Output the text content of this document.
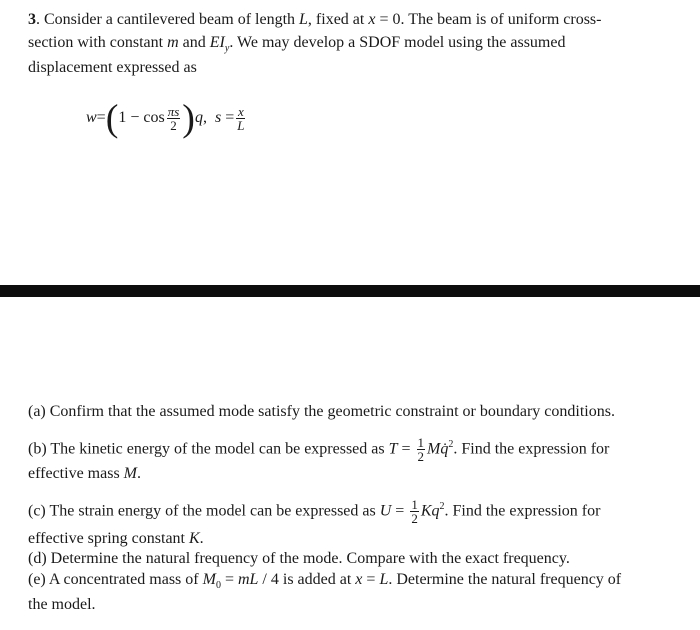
3. Consider a cantilevered beam of length L, fixed at x = 0. The beam is of uniform cross-
section with constant m and $EI_y$. We may develop a SDOF model using the assumed
displacement expressed as
$w=(1 - \cos \frac{\pi s}{2} )q$, $s = \frac{x}{L}$
(a) Confirm that the assumed mode satisfy the geometric constraint or boundary conditions.
(b) The kinetic energy of the model can be expressed as $T = \frac{1}{2}$ Mq̇$^2$. Find the expression for
effective mass M.
(c) The strain energy of the model can be expressed as $U = \frac{1}{2} Kq^2$. Find the expression for
effective spring constant K.
(d) Determine the natural frequency of the mode. Compare with the exact frequency.
(e) A concentrated mass of $M_0$ = mL / 4 is added at x = L. Determine the natural frequency of
the model.
